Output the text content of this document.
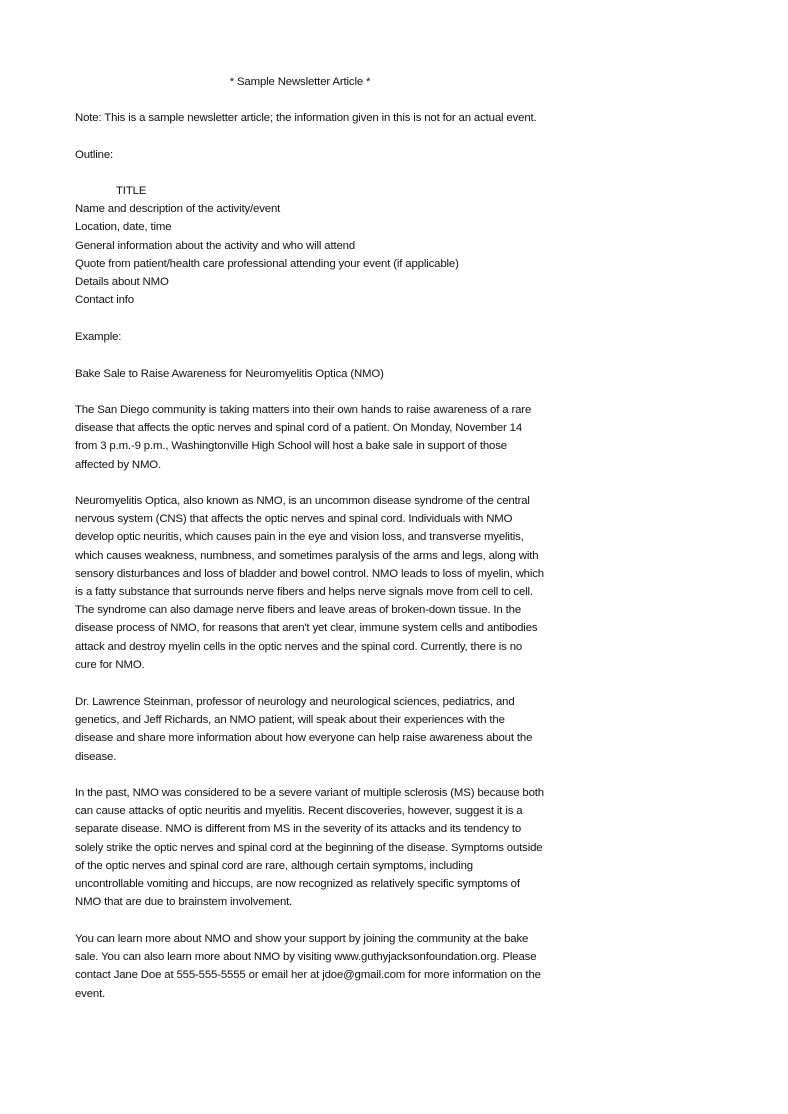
* Sample Newsletter Article *
Note: This is a sample newsletter article; the information given in this is not for an actual event.
Outline:
TITLE
Name and description of the activity/event
Location, date, time
General information about the activity and who will attend
Quote from patient/health care professional attending your event (if applicable)
Details about NMO
Contact info
Example:
Bake Sale to Raise Awareness for Neuromyelitis Optica (NMO)
The San Diego community is taking matters into their own hands to raise awareness of a rare
disease that affects the optic nerves and spinal cord of a patient. On Monday, November 14
from 3 p.m.-9 p.m., Washingtonville High School will host a bake sale in support of those
affected by NMO.
Neuromyelitis Optica, also known as NMO, is an uncommon disease syndrome of the central
nervous system (CNS) that affects the optic nerves and spinal cord. Individuals with NMO
develop optic neuritis, which causes pain in the eye and vision loss, and transverse myelitis,
which causes weakness, numbness, and sometimes paralysis of the arms and legs, along with
sensory disturbances and loss of bladder and bowel control. NMO leads to loss of myelin, which
is a fatty substance that surrounds nerve fibers and helps nerve signals move from cell to cell.
The syndrome can also damage nerve fibers and leave areas of broken-down tissue. In the
disease process of NMO, for reasons that aren't yet clear, immune system cells and antibodies
attack and destroy myelin cells in the optic nerves and the spinal cord. Currently, there is no
cure for NMO.
Dr. Lawrence Steinman, professor of neurology and neurological sciences, pediatrics, and
genetics, and Jeff Richards, an NMO patient, will speak about their experiences with the
disease and share more information about how everyone can help raise awareness about the
disease.
In the past, NMO was considered to be a severe variant of multiple sclerosis (MS) because both
can cause attacks of optic neuritis and myelitis. Recent discoveries, however, suggest it is a
separate disease. NMO is different from MS in the severity of its attacks and its tendency to
solely strike the optic nerves and spinal cord at the beginning of the disease. Symptoms outside
of the optic nerves and spinal cord are rare, although certain symptoms, including
uncontrollable vomiting and hiccups, are now recognized as relatively specific symptoms of
NMO that are due to brainstem involvement.
You can learn more about NMO and show your support by joining the community at the bake
sale. You can also learn more about NMO by visiting www.guthyjacksonfoundation.org. Please
contact Jane Doe at 555-555-5555 or email her at jdoe@gmail.com for more information on the
event.
